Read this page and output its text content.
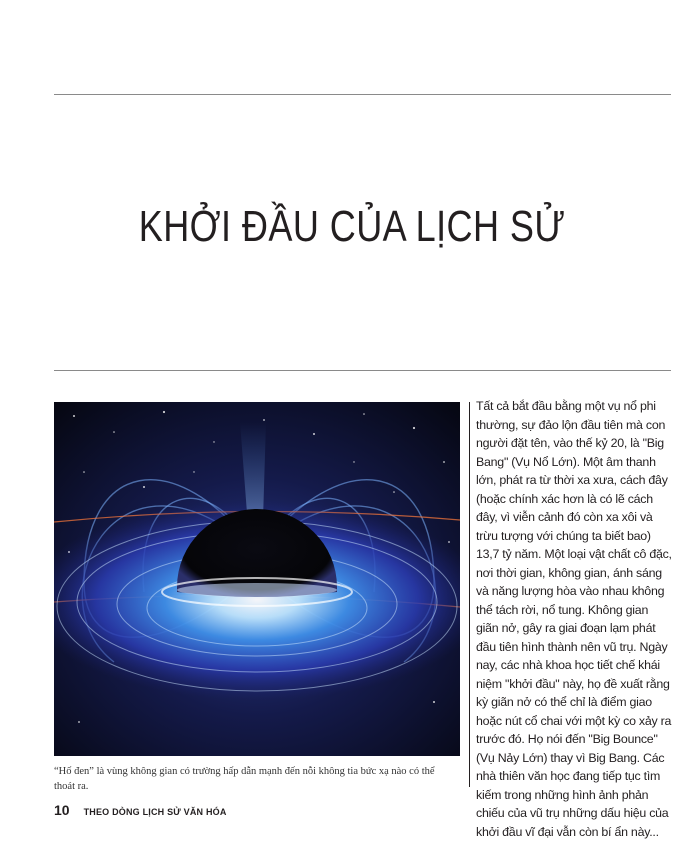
KHỞI ĐẦU CỦA LỊCH SỬ

“Hố đen” là vùng không gian có trường hấp dẫn mạnh đến nỗi không tia bức xạ nào có thể thoát ra.

Tất cả bắt đầu bằng một vụ nổ phi
thường, sự đảo lộn đầu tiên mà con
người đặt tên, vào thế kỷ 20, là "Big
Bang" (Vụ Nổ Lớn). Một âm thanh
lớn, phát ra từ thời xa xưa, cách đây
(hoặc chính xác hơn là có lẽ cách
đây, vì viễn cảnh đó còn xa xôi và
trừu tượng với chúng ta biết bao)
13,7 tỷ năm. Một loại vật chất cô đặc,
nơi thời gian, không gian, ánh sáng
và năng lượng hòa vào nhau không
thể tách rời, nổ tung. Không gian
giãn nở, gây ra giai đoạn lạm phát
đầu tiên hình thành nên vũ trụ. Ngày
nay, các nhà khoa học tiết chế khái
niệm "khởi đầu" này, họ đề xuất rằng
kỳ giãn nở có thể chỉ là điểm giao
hoặc nút cổ chai với một kỳ co xảy ra
trước đó. Họ nói đến "Big Bounce"
(Vụ Nảy Lớn) thay vì Big Bang. Các
nhà thiên văn học đang tiếp tục tìm
kiếm trong những hình ảnh phản
chiếu của vũ trụ những dấu hiệu của
khởi đầu vĩ đại vẫn còn bí ẩn này...

10 THEO DÒNG LỊCH SỬ VĂN HÓA
